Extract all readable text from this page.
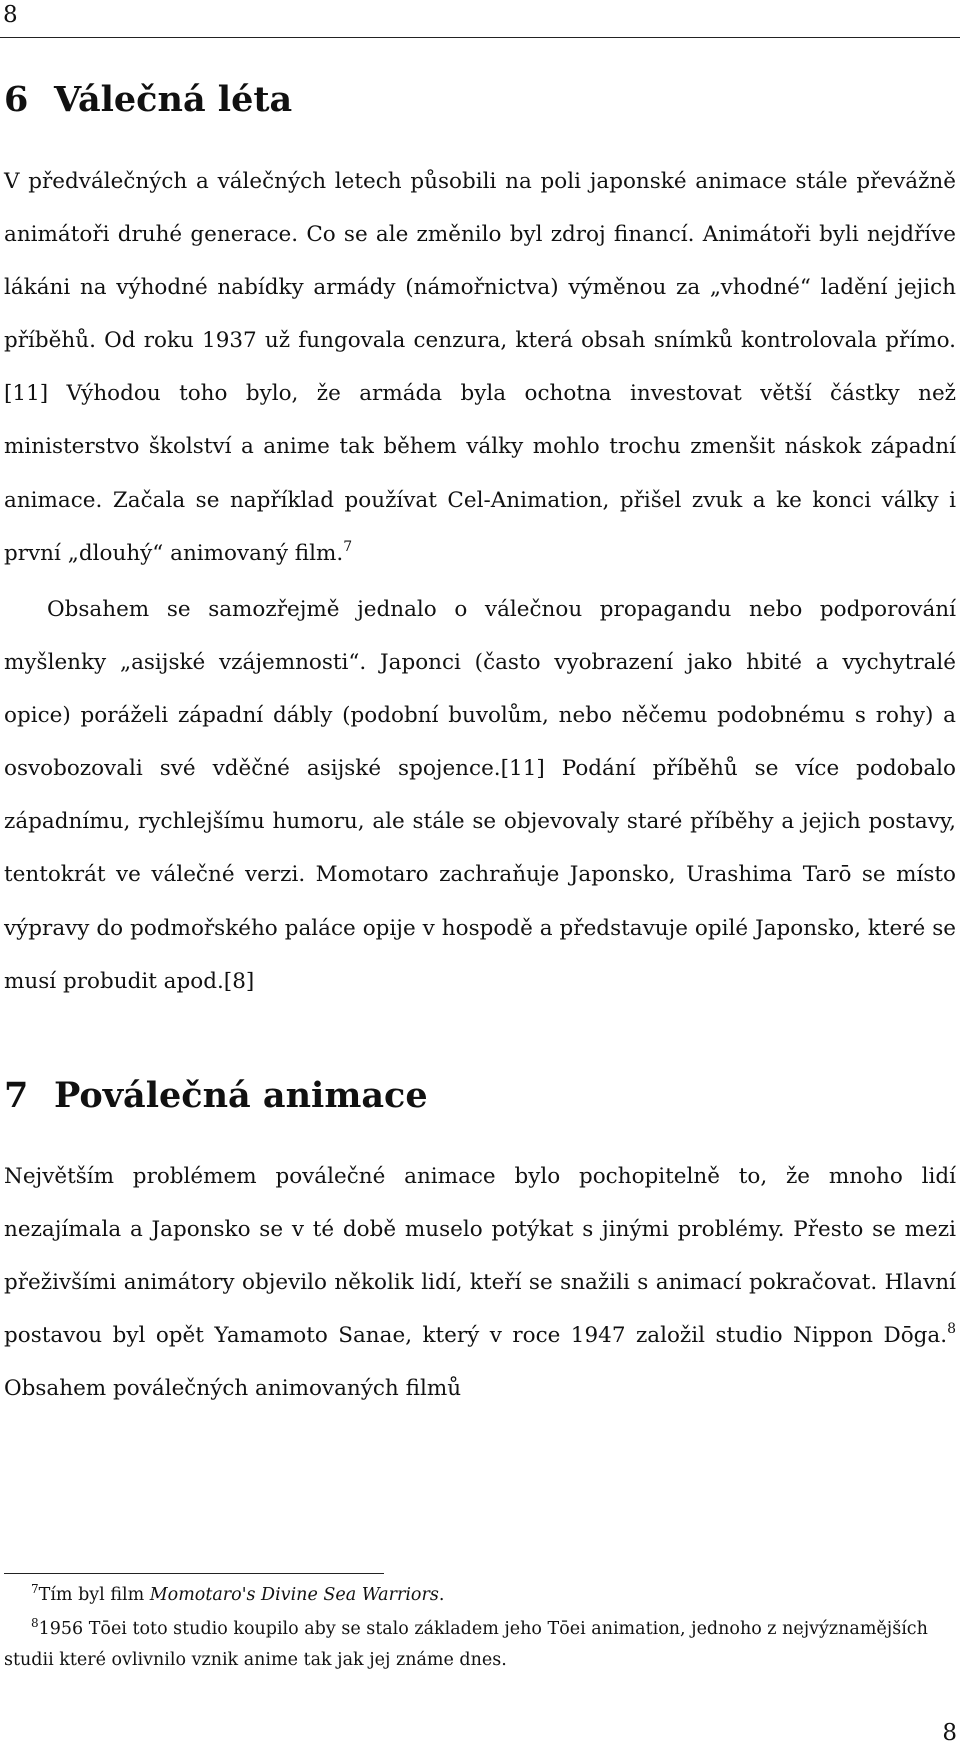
8
6 Válečná léta

V předválečných a válečných letech působili na poli japonské animace stále převážně animátoři druhé generace. Co se ale změnilo byl zdroj financí. Animátoři byli nejdříve lákáni na výhodné nabídky armády (námořnictva) výměnou za „vhodné“ ladění jejich příběhů. Od roku 1937 už fungovala cenzura, která obsah snímků kontrolovala přímo.[11] Výhodou toho bylo, že armáda byla ochotna investovat větší částky než ministerstvo školství a anime tak během války mohlo trochu zmenšit náskok západní animace. Začala se například používat Cel-Animation, přišel zvuk a ke konci války i první „dlouhý“ animovaný film.$^7$

Obsahem se samozřejmě jednalo o válečnou propagandu nebo podporování myšlenky „asijské vzájemnosti“. Japonci (často vyobrazení jako hbité a vychytralé opice) poráželi západní dábly (podobní buvolům, nebo něčemu podobnému s rohy) a osvobozovali své vděčné asijské spojence.[11] Podání příběhů se více podobalo západnímu, rychlejšímu humoru, ale stále se objevovaly staré příběhy a jejich postavy, tentokrát ve válečné verzi. Momotaro zachraňuje Japonsko, Urashima Tarō se místo výpravy do podmořského paláce opije v hospodě a představuje opilé Japonsko, které se musí probudit apod.[8]

7 Poválečná animace

Největším problémem poválečné animace bylo pochopitelně to, že mnoho lidí nezajímala a Japonsko se v té době muselo potýkat s jinými problémy. Přesto se mezi přeživšími animátory objevilo několik lidí, kteří se snažili s animací pokračovat. Hlavní postavou byl opět Yamamoto Sanae, který v roce 1947 založil studio Nippon Dōga.$^8$ Obsahem poválečných animovaných filmů

$^7$Tím byl film Momotaro's Divine Sea Warriors.

$^8$1956 Tōei toto studio koupilo aby se stalo základem jeho Tōei animation, jednoho z nejvýznamějších studii které ovlivnilo vznik anime tak jak jej známe dnes.

8
